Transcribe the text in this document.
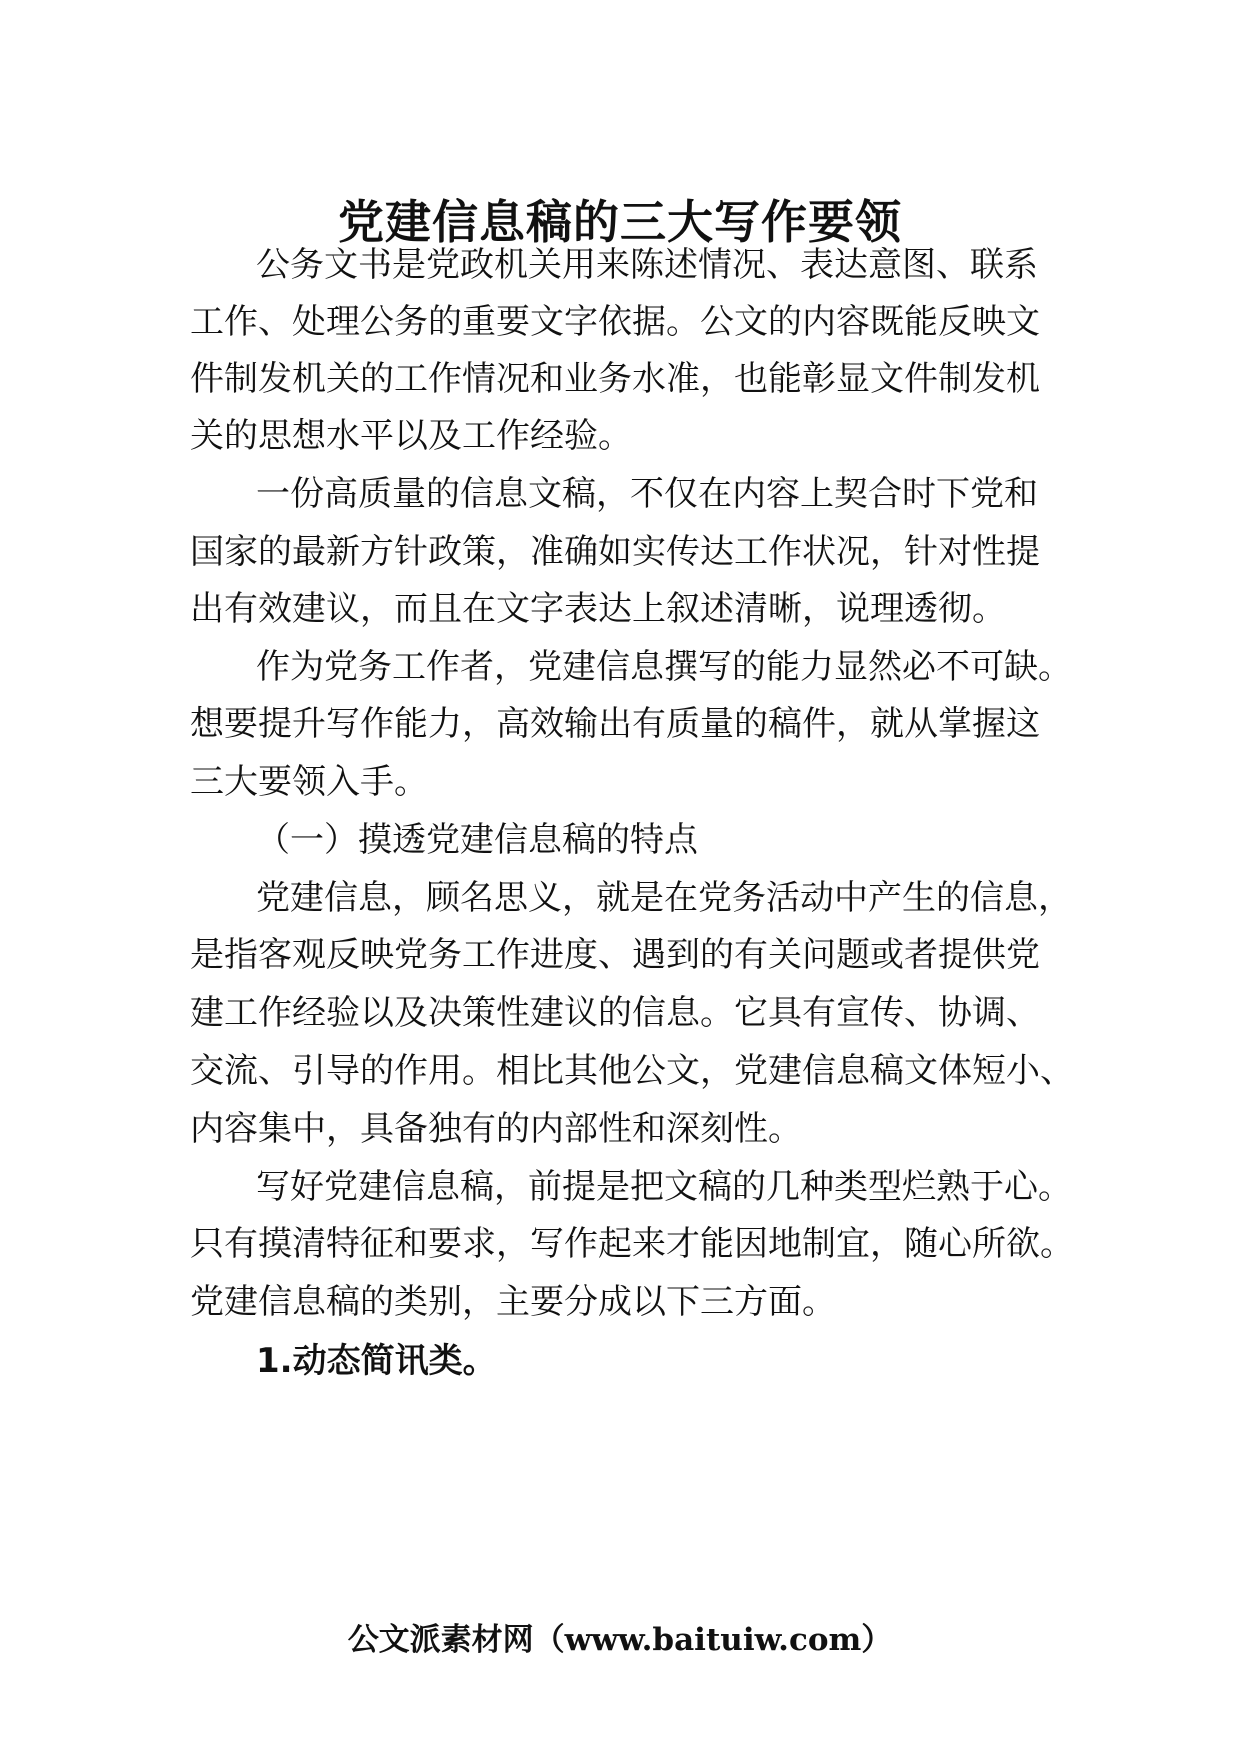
党建信息稿的三大写作要领

公务文书是党政机关用来陈述情况、表达意图、联系

工作、处理公务的重要文字依据。公文的内容既能反映文

件制发机关的工作情况和业务水准，也能彰显文件制发机

关的思想水平以及工作经验。

一份高质量的信息文稿，不仅在内容上契合时下党和

国家的最新方针政策，准确如实传达工作状况，针对性提

出有效建议，而且在文字表达上叙述清晰，说理透彻。

作为党务工作者，党建信息撰写的能力显然必不可缺。

想要提升写作能力，高效输出有质量的稿件，就从掌握这

三大要领入手。

（一）摸透党建信息稿的特点

党建信息，顾名思义，就是在党务活动中产生的信息，

是指客观反映党务工作进度、遇到的有关问题或者提供党

建工作经验以及决策性建议的信息。它具有宣传、协调、

交流、引导的作用。相比其他公文，党建信息稿文体短小、

内容集中，具备独有的内部性和深刻性。

写好党建信息稿，前提是把文稿的几种类型烂熟于心。

只有摸清特征和要求，写作起来才能因地制宜，随心所欲。

党建信息稿的类别，主要分成以下三方面。

1.动态简讯类。

公文派素材网（www.baituiw.com）
